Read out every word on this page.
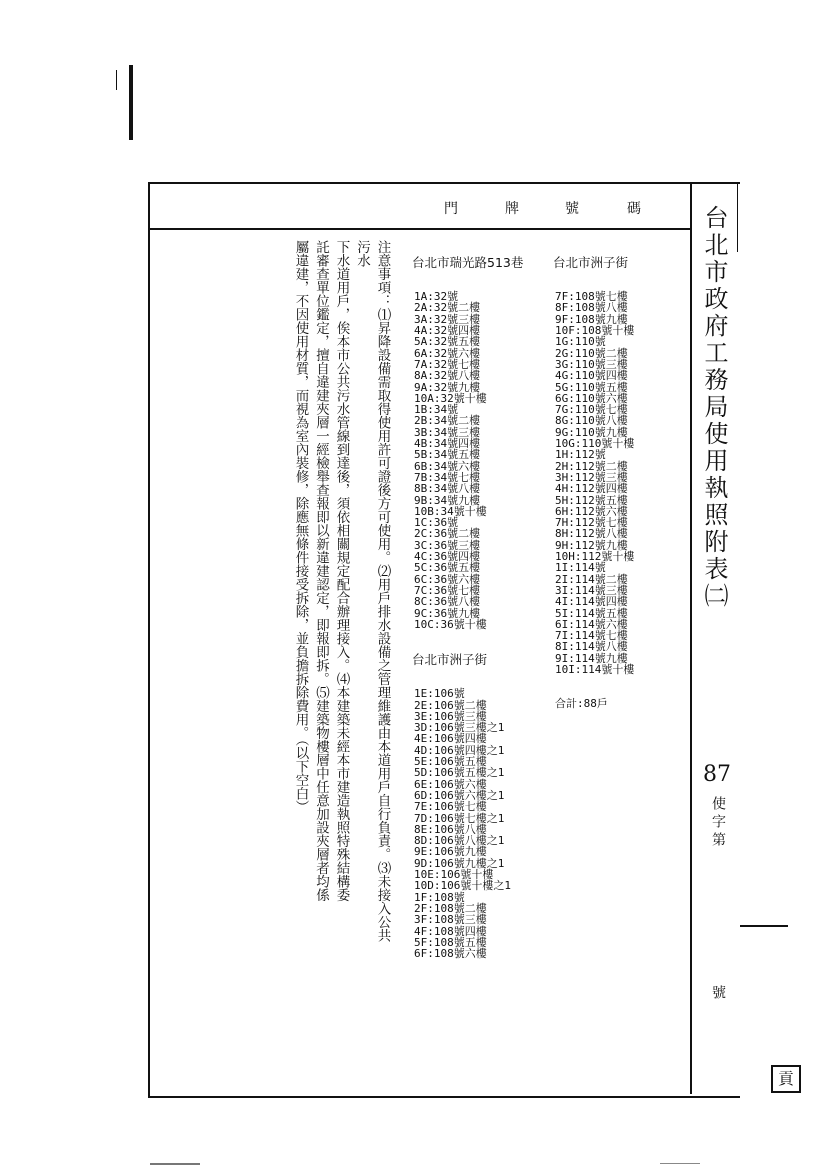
門	牌	號	碼

台北市瑞光路513巷

1A:32號
2A:32號二樓
3A:32號三樓
4A:32號四樓
5A:32號五樓
6A:32號六樓
7A:32號七樓
8A:32號八樓
9A:32號九樓
10A:32號十樓
1B:34號
2B:34號二樓
3B:34號三樓
4B:34號四樓
5B:34號五樓
6B:34號六樓
7B:34號七樓
8B:34號八樓
9B:34號九樓
10B:34號十樓
1C:36號
2C:36號二樓
3C:36號三樓
4C:36號四樓
5C:36號五樓
6C:36號六樓
7C:36號七樓
8C:36號八樓
9C:36號九樓
10C:36號十樓

台北市洲子街

1E:106號
2E:106號二樓
3E:106號三樓
3D:106號三樓之1
4E:106號四樓
4D:106號四樓之1
5E:106號五樓
5D:106號五樓之1
6E:106號六樓
6D:106號六樓之1
7E:106號七樓
7D:106號七樓之1
8E:106號八樓
8D:106號八樓之1
9E:106號九樓
9D:106號九樓之1
10E:106號十樓
10D:106號十樓之1
1F:108號
2F:108號二樓
3F:108號三樓
4F:108號四樓
5F:108號五樓
6F:108號六樓

台北市洲子街

7F:108號七樓
8F:108號八樓
9F:108號九樓
10F:108號十樓
1G:110號
2G:110號二樓
3G:110號三樓
4G:110號四樓
5G:110號五樓
6G:110號六樓
7G:110號七樓
8G:110號八樓
9G:110號九樓
10G:110號十樓
1H:112號
2H:112號二樓
3H:112號三樓
4H:112號四樓
5H:112號五樓
6H:112號六樓
7H:112號七樓
8H:112號八樓
9H:112號九樓
10H:112號十樓
1I:114號
2I:114號二樓
3I:114號三樓
4I:114號四樓
5I:114號五樓
6I:114號六樓
7I:114號七樓
8I:114號八樓
9I:114號九樓
10I:114號十樓

合計:88戶

注意事項：⑴昇降設備需取得使用許可證後方可使用。⑵用戶排水設備之管理維護由本道用戶自行負責。⑶未接入公共污水
下水道用戶，俟本市公共污水管線到達後，須依相關規定配合辦理接入。⑷本建築未經本市建造執照特殊結構委
託審查單位鑑定，擅自違建夾層一經檢舉查報即以新違建認定，即報即拆。⑸建築物樓層中任意加設夾層者均係
屬違建，不因使用材質，而視為室內裝修，除應無條件接受拆除，並負擔拆除費用。（以下空白）	台北市政府工務局使用執照附表㈡
87
使字第
號
貢
